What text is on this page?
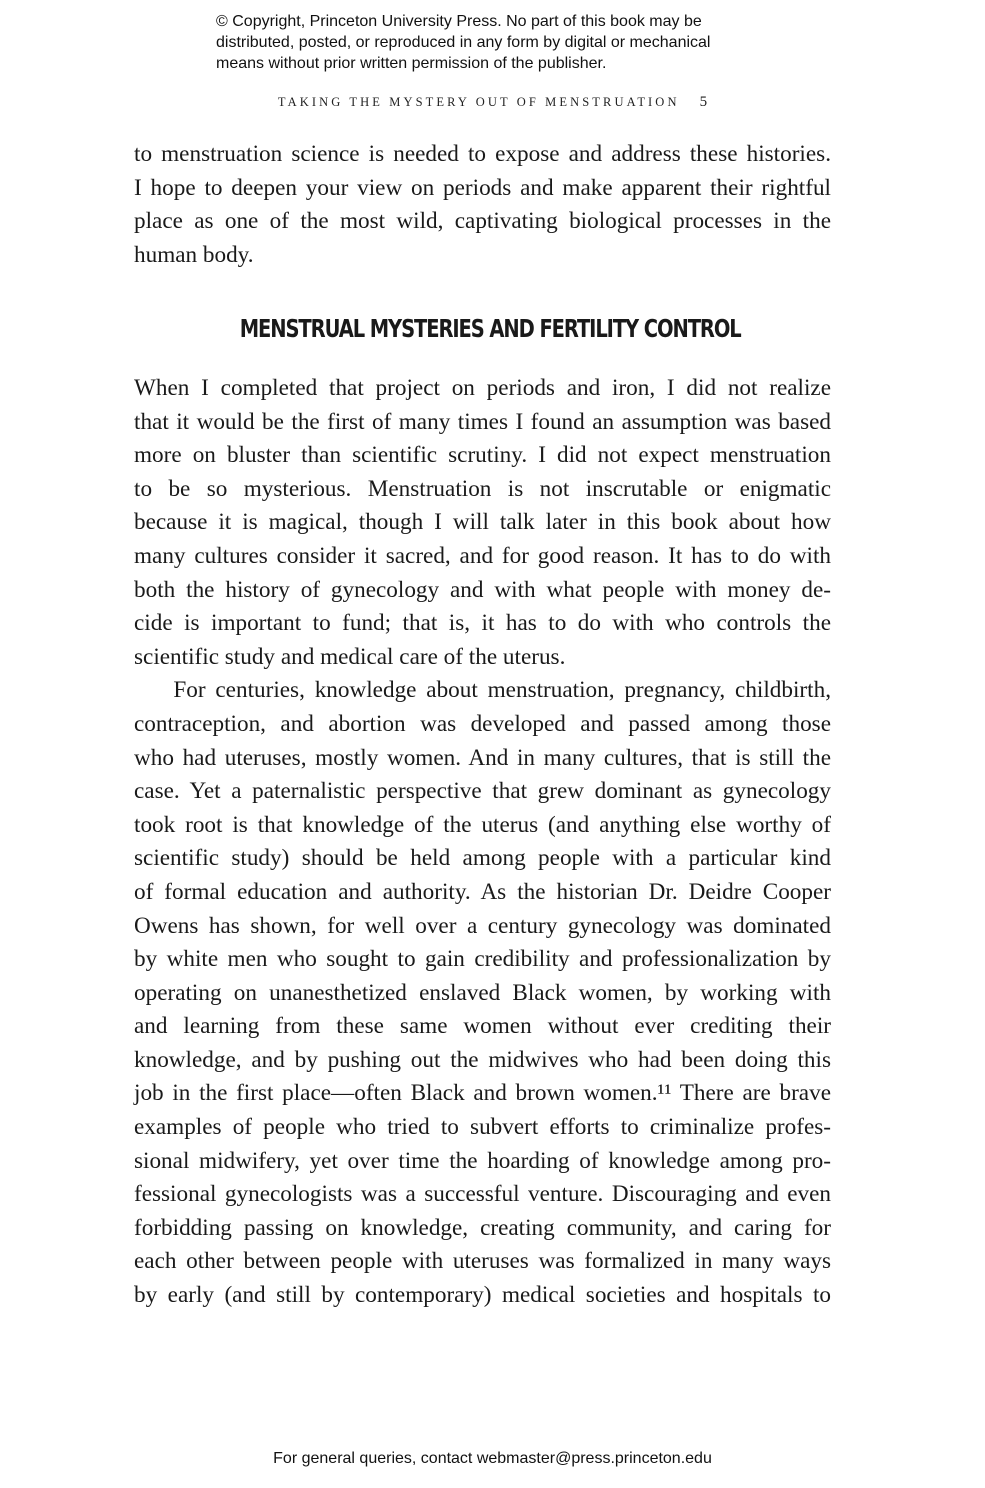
© Copyright, Princeton University Press. No part of this book may be
distributed, posted, or reproduced in any form by digital or mechanical
means without prior written permission of the publisher.
TAKING THE MYSTERY OUT OF MENSTRUATION 5
to menstruation science is needed to expose and address these histories.
I hope to deepen your view on periods and make apparent their rightful
place as one of the most wild, captivating biological processes in the
human body.
MENSTRUAL MYSTERIES AND FERTILITY CONTROL
When I completed that project on periods and iron, I did not realize
that it would be the first of many times I found an assumption was based
more on bluster than scientific scrutiny. I did not expect menstruation
to be so mysterious. Menstruation is not inscrutable or enigmatic
because it is magical, though I will talk later in this book about how
many cultures consider it sacred, and for good reason. It has to do with
both the history of gynecology and with what people with money de-
cide is important to fund; that is, it has to do with who controls the
scientific study and medical care of the uterus.
For centuries, knowledge about menstruation, pregnancy, childbirth,
contraception, and abortion was developed and passed among those
who had uteruses, mostly women. And in many cultures, that is still the
case. Yet a paternalistic perspective that grew dominant as gynecology
took root is that knowledge of the uterus (and anything else worthy of
scientific study) should be held among people with a particular kind
of formal education and authority. As the historian Dr. Deidre Cooper
Owens has shown, for well over a century gynecology was dominated
by white men who sought to gain credibility and professionalization by
operating on unanesthetized enslaved Black women, by working with
and learning from these same women without ever crediting their
knowledge, and by pushing out the midwives who had been doing this
job in the first place—often Black and brown women.¹¹ There are brave
examples of people who tried to subvert efforts to criminalize profes-
sional midwifery, yet over time the hoarding of knowledge among pro-
fessional gynecologists was a successful venture. Discouraging and even
forbidding passing on knowledge, creating community, and caring for
each other between people with uteruses was formalized in many ways
by early (and still by contemporary) medical societies and hospitals to
For general queries, contact webmaster@press.princeton.edu
